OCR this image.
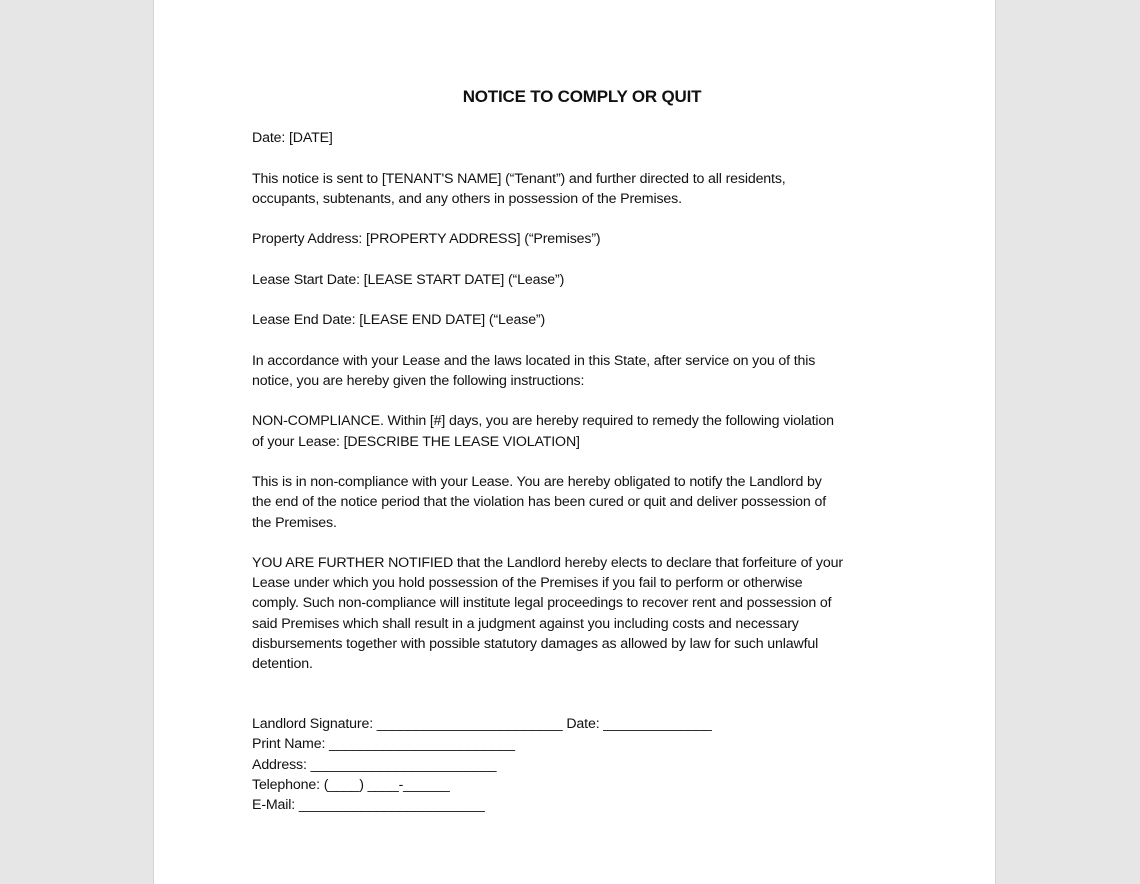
NOTICE TO COMPLY OR QUIT
Date: [DATE]
This notice is sent to [TENANT'S NAME] (“Tenant”) and further directed to all residents,
occupants, subtenants, and any others in possession of the Premises.
Property Address: [PROPERTY ADDRESS] (“Premises”)
Lease Start Date: [LEASE START DATE] (“Lease”)
Lease End Date: [LEASE END DATE] (“Lease”)
In accordance with your Lease and the laws located in this State, after service on you of this
notice, you are hereby given the following instructions:
NON-COMPLIANCE. Within [#] days, you are hereby required to remedy the following violation
of your Lease: [DESCRIBE THE LEASE VIOLATION]
This is in non-compliance with your Lease. You are hereby obligated to notify the Landlord by
the end of the notice period that the violation has been cured or quit and deliver possession of
the Premises.
YOU ARE FURTHER NOTIFIED that the Landlord hereby elects to declare that forfeiture of your
Lease under which you hold possession of the Premises if you fail to perform or otherwise
comply. Such non-compliance will institute legal proceedings to recover rent and possession of
said Premises which shall result in a judgment against you including costs and necessary
disbursements together with possible statutory damages as allowed by law for such unlawful
detention.
Landlord Signature: ________________________ Date: ______________
Print Name: ________________________
Address: ________________________
Telephone: (____) ____-______
E-Mail: ________________________
